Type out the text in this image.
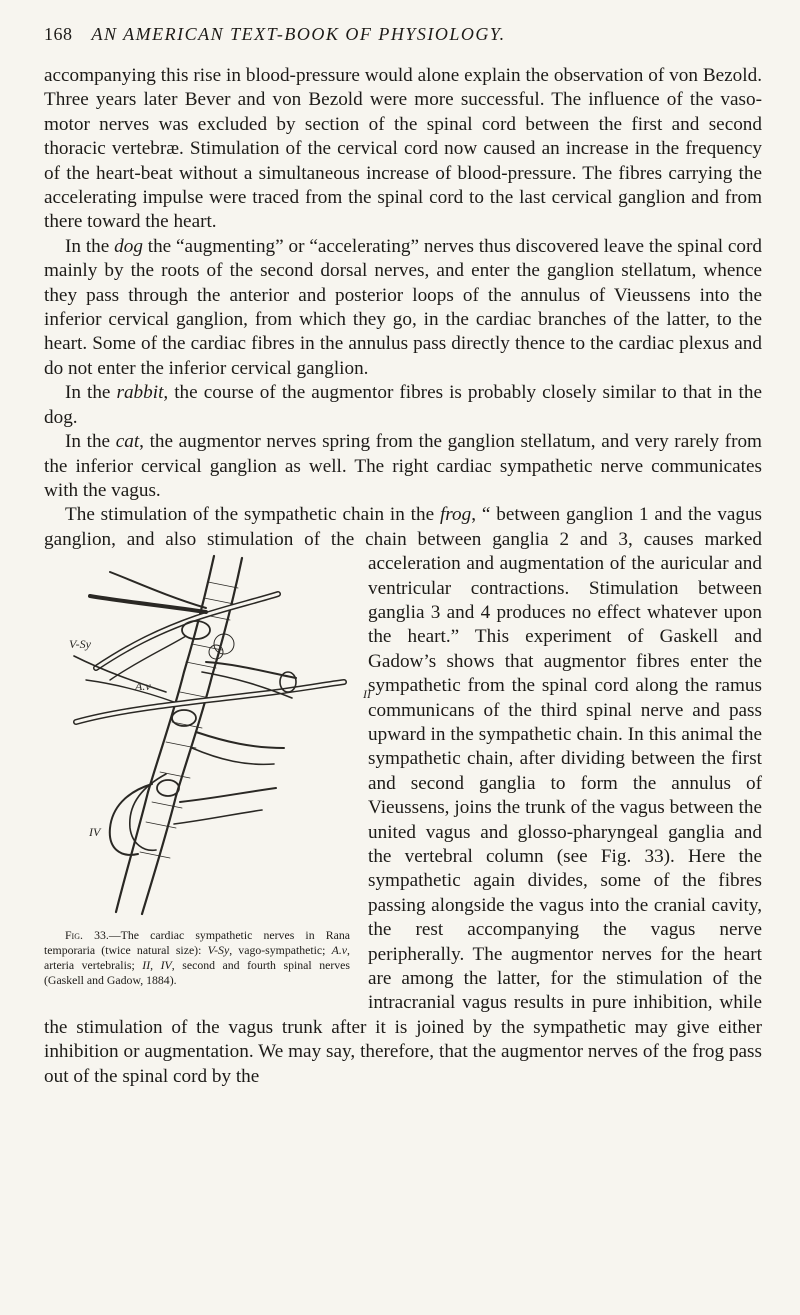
168 AN AMERICAN TEXT-BOOK OF PHYSIOLOGY.

accompanying this rise in blood-pressure would alone explain the observation of von Bezold. Three years later Bever and von Bezold were more successful. The influence of the vaso-motor nerves was excluded by section of the spinal cord between the first and second thoracic vertebræ. Stimulation of the cervical cord now caused an increase in the frequency of the heart-beat without a simultaneous increase of blood-pressure. The fibres carrying the accelerating impulse were traced from the spinal cord to the last cervical ganglion and from there toward the heart.

In the dog the “augmenting” or “accelerating” nerves thus discovered leave the spinal cord mainly by the roots of the second dorsal nerves, and enter the ganglion stellatum, whence they pass through the anterior and posterior loops of the annulus of Vieussens into the inferior cervical ganglion, from which they go, in the cardiac branches of the latter, to the heart. Some of the cardiac fibres in the annulus pass directly thence to the cardiac plexus and do not enter the inferior cervical ganglion.

In the rabbit, the course of the augmentor fibres is probably closely similar to that in the dog.

In the cat, the augmentor nerves spring from the ganglion stellatum, and very rarely from the inferior cervical ganglion as well. The right cardiac sympathetic nerve communicates with the vagus.

The stimulation of the sympathetic chain in the frog, “ between ganglion 1 and the vagus ganglion, and also stimulation of the chain between ganglia 2
V-Sy
A.v
II
IV
Fig. 33.—The cardiac sympathetic nerves in Rana temporaria (twice natural size): V-Sy, vago-sympathetic; A.v, arteria vertebralis; II, IV, second and fourth spinal nerves (Gaskell and Gadow, 1884).
and 3, causes marked acceleration and augmentation of the auricular and ventricular contractions. Stimulation between ganglia 3 and 4 produces no effect whatever upon the heart.” This experiment of Gaskell and Gadow’s shows that augmentor fibres enter the sympathetic from the spinal cord along the ramus communicans of the third spinal nerve and pass upward in the sympathetic chain. In this animal the sympathetic chain, after dividing between the first and second ganglia to form the annulus of Vieussens, joins the trunk of the vagus between the united vagus and glosso-pharyngeal ganglia and the vertebral column (see Fig. 33). Here the sympathetic again divides, some of the fibres passing alongside the vagus into the cranial cavity, the rest accompanying the vagus nerve peripherally. The augmentor nerves for the heart are among the latter, for the stimulation of the intracranial vagus results in pure inhibition, while the stimulation of the vagus trunk after it is joined by the sympathetic may give either inhibition or augmentation. We may say, therefore, that the augmentor nerves of the frog pass out of the spinal cord by the
